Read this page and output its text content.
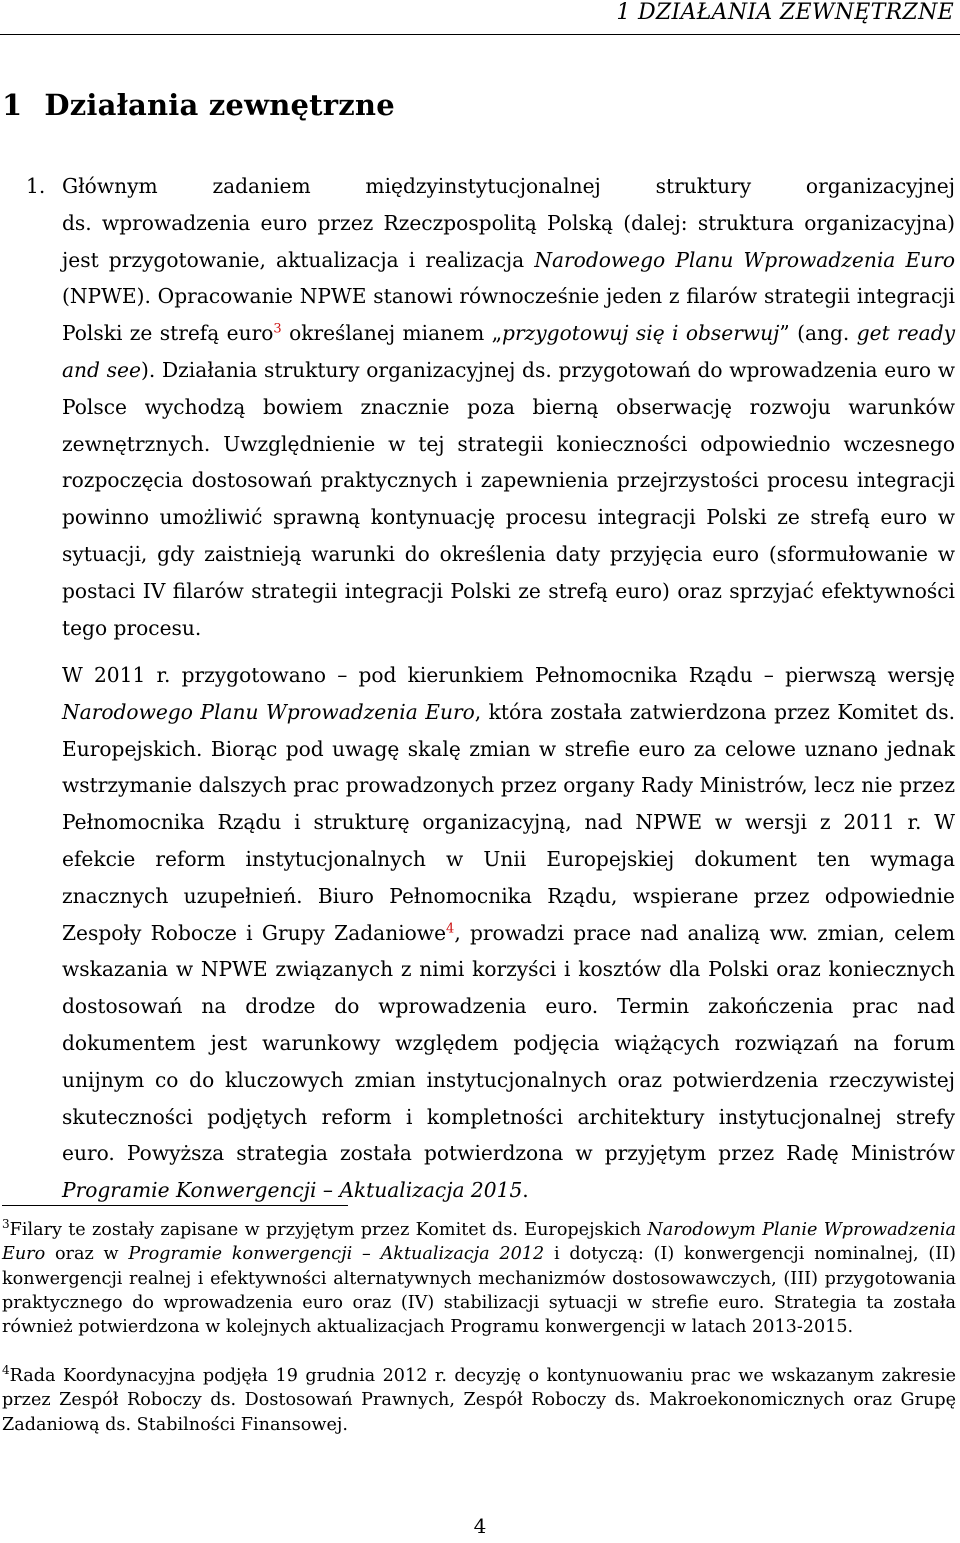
1 DZIAŁANIA ZEWNĘTRZNE
1 Działania zewnętrzne

1. Głównym zadaniem międzyinstytucjonalnej struktury organizacyjnej
ds. wprowadzenia euro przez Rzeczpospolitą Polską (dalej: struktura organizacyjna) jest przygotowanie, aktualizacja i realizacja Narodowego Planu Wprowadzenia Euro (NPWE). Opracowanie NPWE stanowi równocześnie jeden z filarów strategii integracji Polski ze strefą euro$^3$ określanej mianem „przygotowuj się i obserwuj” (ang. get ready and see). Działania struktury organizacyjnej ds. przygotowań do wprowadzenia euro w Polsce wychodzą bowiem znacznie poza bierną obserwację rozwoju warunków zewnętrznych. Uwzględnienie w tej strategii konieczności odpowiednio wczesnego rozpoczęcia dostosowań praktycznych i zapewnienia przejrzystości procesu integracji powinno umożliwić sprawną kontynuację procesu integracji Polski ze strefą euro w sytuacji, gdy zaistnieją warunki do określenia daty przyjęcia euro (sformułowanie w postaci IV filarów strategii integracji Polski ze strefą euro) oraz sprzyjać efektywności tego procesu.

W 2011 r. przygotowano – pod kierunkiem Pełnomocnika Rządu – pierwszą wersję Narodowego Planu Wprowadzenia Euro, która została zatwierdzona przez Komitet ds. Europejskich. Biorąc pod uwagę skalę zmian w strefie euro za celowe uznano jednak wstrzymanie dalszych prac prowadzonych przez organy Rady Ministrów, lecz nie przez Pełnomocnika Rządu i strukturę organizacyjną, nad NPWE w wersji z 2011 r. W efekcie reform instytucjonalnych w Unii Europejskiej dokument ten wymaga znacznych uzupełnień. Biuro Pełnomocnika Rządu, wspierane przez odpowiednie Zespoły Robocze i Grupy Zadaniowe$^4$, prowadzi prace nad analizą ww. zmian, celem wskazania w NPWE związanych z nimi korzyści i kosztów dla Polski oraz koniecznych dostosowań na drodze do wprowadzenia euro. Termin zakończenia prac nad dokumentem jest warunkowy względem podjęcia wiążących rozwiązań na forum unijnym co do kluczowych zmian instytucjonalnych oraz potwierdzenia rzeczywistej skuteczności podjętych reform i kompletności architektury instytucjonalnej strefy euro. Powyższa strategia została potwierdzona w przyjętym przez Radę Ministrów Programie Konwergencji – Aktualizacja 2015.

$^3$Filary te zostały zapisane w przyjętym przez Komitet ds. Europejskich Narodowym Planie Wprowadzenia Euro oraz w Programie konwergencji – Aktualizacja 2012 i dotyczą: (I) konwergencji nominalnej, (II) konwergencji realnej i efektywności alternatywnych mechanizmów dostosowawczych, (III) przygotowania praktycznego do wprowadzenia euro oraz (IV) stabilizacji sytuacji w strefie euro. Strategia ta została również potwierdzona w kolejnych aktualizacjach Programu konwergencji w latach 2013-2015.

$^4$Rada Koordynacyjna podjęła 19 grudnia 2012 r. decyzję o kontynuowaniu prac we wskazanym zakresie przez Zespół Roboczy ds. Dostosowań Prawnych, Zespół Roboczy ds. Makroekonomicznych oraz Grupę Zadaniową ds. Stabilności Finansowej.

4
